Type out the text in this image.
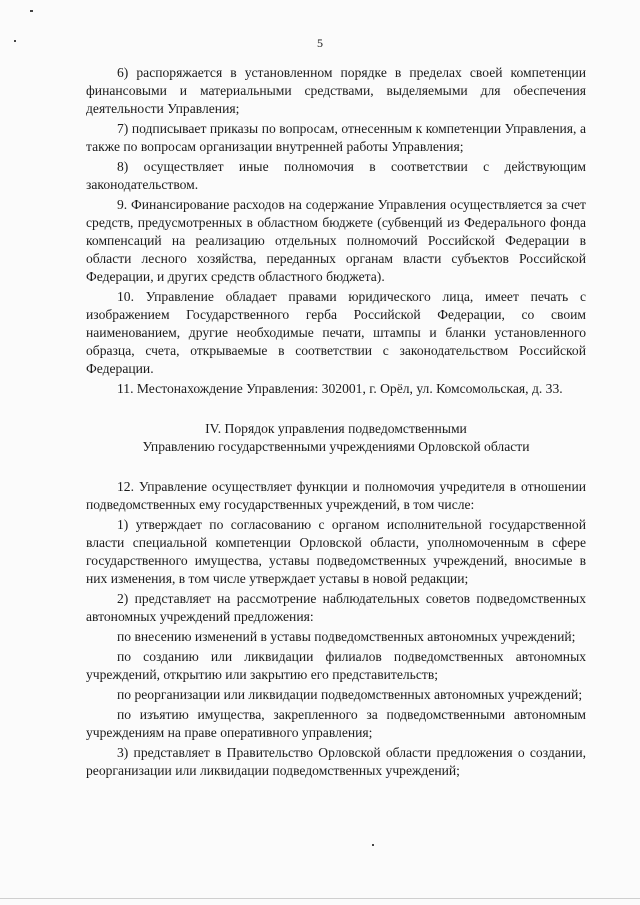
5

6) распоряжается в установленном порядке в пределах своей компетенции финансовыми и материальными средствами, выделяемыми для обеспечения деятельности Управления;

7) подписывает приказы по вопросам, отнесенным к компетенции Управления, а также по вопросам организации внутренней работы Управления;

8) осуществляет иные полномочия в соответствии с действующим законодательством.

9. Финансирование расходов на содержание Управления осуществляется за счет средств, предусмотренных в областном бюджете (субвенций из Федерального фонда компенсаций на реализацию отдельных полномочий Российской Федерации в области лесного хозяйства, переданных органам власти субъектов Российской Федерации, и других средств областного бюджета).

10. Управление обладает правами юридического лица, имеет печать с изображением Государственного герба Российской Федерации, со своим наименованием, другие необходимые печати, штампы и бланки установленного образца, счета, открываемые в соответствии с законодательством Российской Федерации.

11. Местонахождение Управления: 302001, г. Орёл, ул. Комсомольская, д. 33.

IV. Порядок управления подведомственными

Управлению государственными учреждениями Орловской области

12. Управление осуществляет функции и полномочия учредителя в отношении подведомственных ему государственных учреждений, в том числе:

1) утверждает по согласованию с органом исполнительной государственной власти специальной компетенции Орловской области, уполномоченным в сфере государственного имущества, уставы подведомственных учреждений, вносимые в них изменения, в том числе утверждает уставы в новой редакции;

2) представляет на рассмотрение наблюдательных советов подведомственных автономных учреждений предложения:

по внесению изменений в уставы подведомственных автономных учреждений;

по созданию или ликвидации филиалов подведомственных автономных учреждений, открытию или закрытию его представительств;

по реорганизации или ликвидации подведомственных автономных учреждений;

по изъятию имущества, закрепленного за подведомственными автономным учреждениям на праве оперативного управления;

3) представляет в Правительство Орловской области предложения о создании, реорганизации или ликвидации подведомственных учреждений;
